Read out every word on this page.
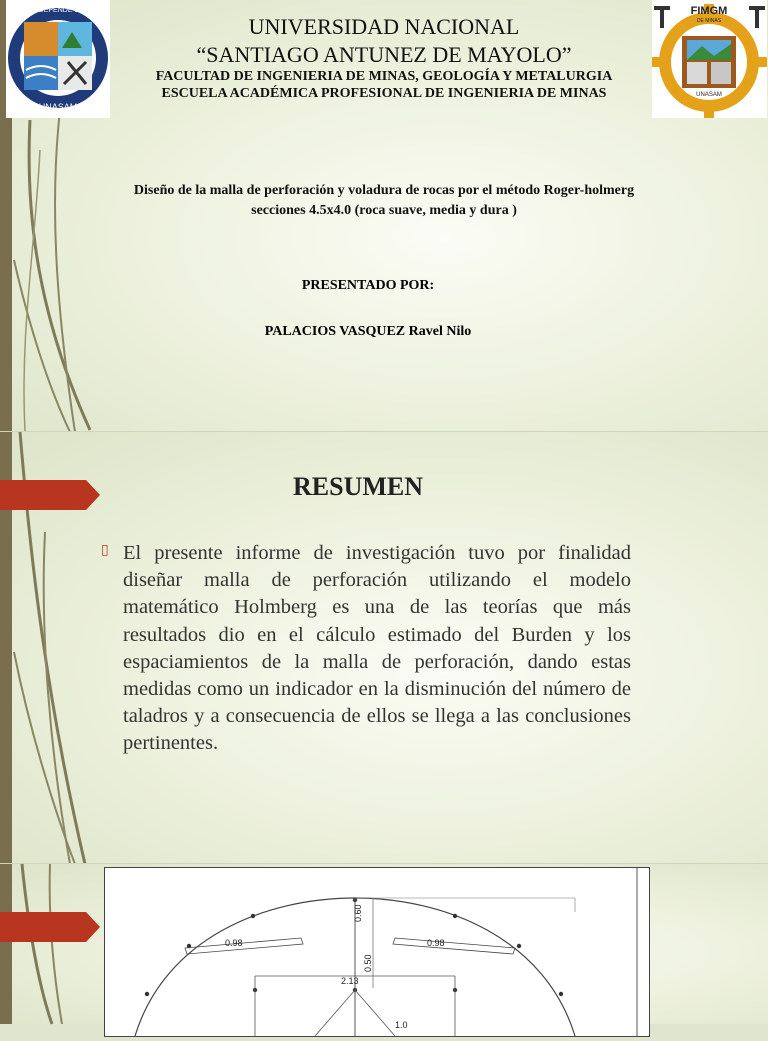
HIJOS DEPENDE EL PRO
UNASAM
FIMGM
DE MINAS
UNASAM
UNIVERSIDAD NACIONAL
“SANTIAGO ANTUNEZ DE MAYOLO”
FACULTAD DE INGENIERIA DE MINAS, GEOLOGÍA Y METALURGIA
ESCUELA ACADÉMICA PROFESIONAL DE INGENIERIA DE MINAS
Diseño de la malla de perforación y voladura de rocas por el método Roger-holmerg
secciones 4.5x4.0 (roca suave, media y dura )
PRESENTADO POR:
PALACIOS VASQUEZ Ravel Nilo
RESUMEN
▯ El presente informe de investigación tuvo por finalidad diseñar malla de perforación utilizando el modelo matemático Holmberg es una de las teorías que más resultados dio en el cálculo estimado del Burden y los espaciamientos de la malla de perforación, dando estas medidas como un indicador en la disminución del número de taladros y a consecuencia de ellos se llega a las conclusiones pertinentes.
0.60
0.98	0.98
0.50
2.13
1.0
